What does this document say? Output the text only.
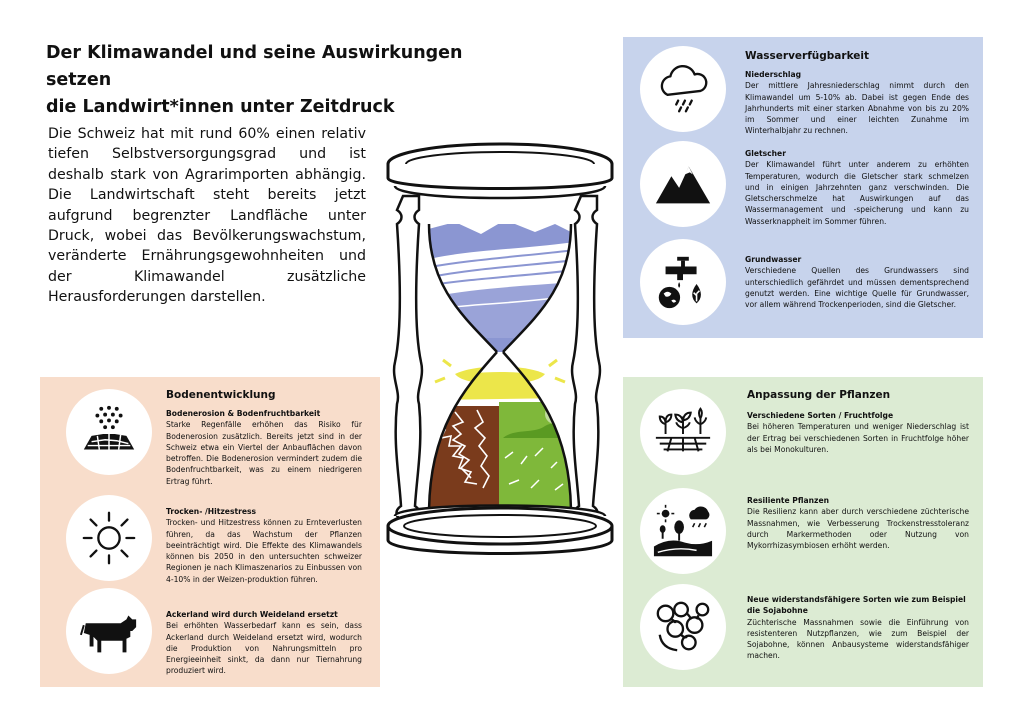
Der Klimawandel und seine Auswirkungen setzen
die Landwirt*innen unter Zeitdruck

Die Schweiz hat mit rund 60% einen relativ tiefen Selbstversorgungsgrad und ist deshalb stark von Agrarimporten abhängig. Die Landwirtschaft steht bereits jetzt aufgrund begrenzter Landfläche unter Druck, wobei das Bevölkerungswachstum, veränderte Ernährungsgewohnheiten und der Klimawandel zusätzliche Herausforderungen darstellen.

Wasserverfügbarkeit
Niederschlag
Der mittlere Jahresniederschlag nimmt durch den Klimawandel um 5-10% ab. Dabei ist gegen Ende des Jahrhunderts mit einer starken Abnahme von bis zu 20% im Sommer und einer leichten Zunahme im Winterhalbjahr zu rechnen.
Gletscher
Der Klimawandel führt unter anderem zu erhöhten Temperaturen, wodurch die Gletscher stark schmelzen und in einigen Jahrzehnten ganz verschwinden. Die Gletscherschmelze hat Auswirkungen auf das Wassermanagement und -speicherung und kann zu Wasserknappheit im Sommer führen.
Grundwasser
Verschiedene Quellen des Grundwassers sind unterschiedlich gefährdet und müssen dementsprechend genutzt werden. Eine wichtige Quelle für Grundwasser, vor allem während Trockenperioden, sind die Gletscher.
Bodenentwicklung
Bodenerosion & Bodenfruchtbarkeit
Starke Regenfälle erhöhen das Risiko für Bodenerosion zusätzlich. Bereits jetzt sind in der Schweiz etwa ein Viertel der Anbauflächen davon betroffen. Die Bodenerosion vermindert zudem die Bodenfruchtbarkeit, was zu einem niedrigeren Ertrag führt.
Trocken- /Hitzestress
Trocken- und Hitzestress können zu Ernteverlusten führen, da das Wachstum der Pflanzen beeinträchtigt wird. Die Effekte des Klimawandels können bis 2050 in den untersuchten schweizer Regionen je nach Klimaszenarios zu Einbussen von 4-10% in der Weizen-produktion führen.
Ackerland wird durch Weideland ersetzt
Bei erhöhten Wasserbedarf kann es sein, dass Ackerland durch Weideland ersetzt wird, wodurch die Produktion von Nahrungsmitteln pro Energieeinheit sinkt, da dann nur Tiernahrung produziert wird.
Anpassung der Pflanzen
Verschiedene Sorten / Fruchtfolge
Bei höheren Temperaturen und weniger Niederschlag ist der Ertrag bei verschiedenen Sorten in Fruchtfolge höher als bei Monokulturen.
Resiliente Pflanzen
Die Resilienz kann aber durch verschiedene züchterische Massnahmen, wie Verbesserung Trockenstresstoleranz durch Markermethoden oder Nutzung von Mykorrhizasymbiosen erhöht werden.
Neue widerstandsfähigere Sorten wie zum Beispiel die Sojabohne
Züchterische Massnahmen sowie die Einführung von resistenteren Nutzpflanzen, wie zum Beispiel der Sojabohne, können Anbausysteme widerstandsfähiger machen.
